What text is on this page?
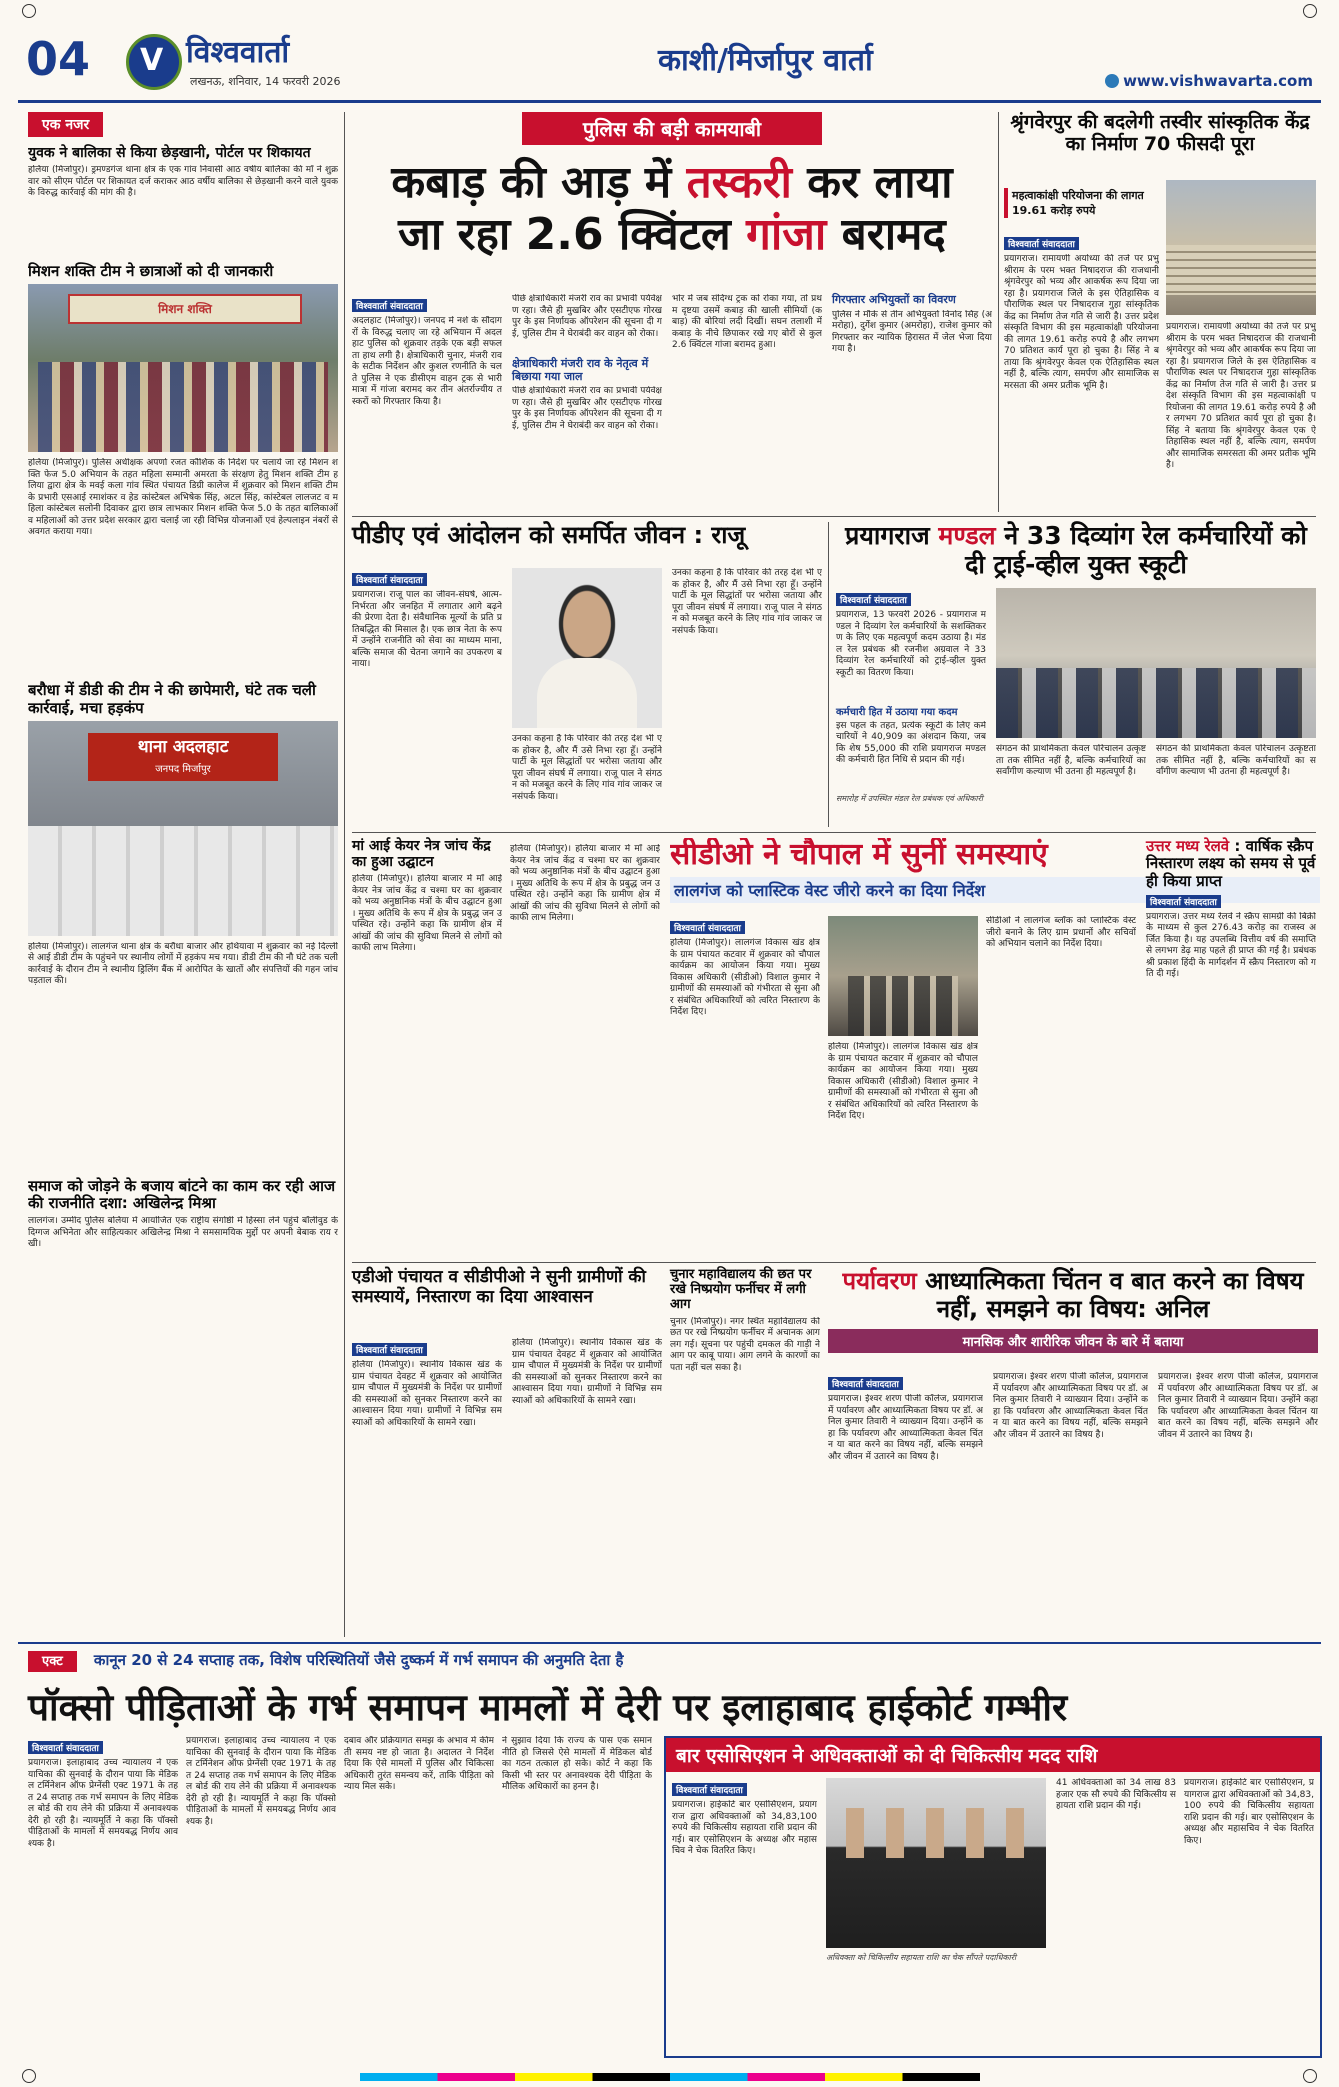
04 V विश्ववार्ता
लखनऊ, शनिवार, 14 फरवरी 2026
काशी/मिर्जापुर वार्ता
www.vishwavarta.com
एक नजर
युवक ने बालिका से किया छेड़खानी, पोर्टल पर शिकायत
हलिया (मिर्जापुर)। ड्रमण्डगंज थाना क्षेत्र के एक गांव निवासी आठ वर्षीय बालिका की माँ ने शुक्रवार को सीएम पोर्टल पर शिकायत दर्ज कराकर आठ वर्षीय बालिका से छेड़खानी करने वाले युवक के विरुद्ध कार्रवाई की मांग की है।
मिशन शक्ति टीम ने छात्राओं को दी जानकारी
मिशन शक्ति
हलिया (मिर्जापुर)। पुलिस अधीक्षक अपर्णा रजत कौशिक के निर्देश पर चलाये जा रहे मिशन शक्ति फेज 5.0 अभियान के तहत महिला सम्मानी अमरता के संरक्षण हेतु मिशन शक्ति टीम हलिया द्वारा क्षेत्र के मवई कला गांव स्थित पंचायत डिग्री कालेज में शुक्रवार को मिशन शक्ति टीम के प्रभारी एसआई रमाशंकर व हेड कांस्टेबल अभिषेक सिंह, अटल सिंह, कांस्टेबल लालजट व महिला कांस्टेबल सलोनी दिवाकर द्वारा छात्र लाभकार मिशन शक्ति फेज 5.0 के तहत बालिकाओं व महिलाओं को उत्तर प्रदेश सरकार द्वारा चलाई जा रही विभिन्न योजनाओं एवं हेल्पलाइन नंबरों से अवगत कराया गया।
बरौधा में डीडी की टीम ने की छापेमारी, घंटे तक चली कार्रवाई, मचा हड़कंप
थाना अदलहाट
जनपद मिर्जापुर
हलिया (मिर्जापुर)। लालगंज थाना क्षेत्र के बरौंधा बाजार और हथियावा में शुक्रवार को नई दिल्ली से आई डीडी टीम के पहुंचने पर स्थानीय लोगों में हड़कंप मच गया। डीडी टीम की नौ घंटे तक चली कार्रवाई के दौरान टीम ने स्थानीय ड्रिलिंग बैंक में आरोपित के खातों और संपत्तियों की गहन जांच पड़ताल की।
समाज को जोड़ने के बजाय बांटने का काम कर रही आज की राजनीति दशा: अखिलेन्द्र मिश्रा
लालगंज। उम्मीद पुलिस बलिया में आयोजित एक राष्ट्रीय संगोष्ठी में हिस्सा लेने पहुंचे बॉलीवुड के दिग्गज अभिनेता और साहित्यकार अखिलेन्द्र मिश्रा ने समसामयिक मुद्दों पर अपनी बेबाक राय रखी।
पुलिस की बड़ी कामयाबी
कबाड़ की आड़ में तस्करी कर लाया
जा रहा 2.6 क्विंटल गांजा बरामद
विश्ववार्ता संवाददाता
अदलहाट (मिर्जापुर)। जनपद में नशे के सौदागरों के विरुद्ध चलाए जा रहे अभियान में अदलहाट पुलिस को शुक्रवार तड़के एक बड़ी सफलता हाथ लगी है। क्षेत्राधिकारी चुनार, मंजरी राव के सटीक निर्देशन और कुशल रणनीति के चलते पुलिस ने एक डीसीएम वाहन ट्रक से भारी मात्रा में गांजा बरामद कर तीन अंतर्राज्यीय तस्करों को गिरफ्तार किया है।
पीछे क्षेत्राधिकारी मंजरी राव का प्रभावी पर्यवेक्षण रहा। जैसे ही मुखबिर और एसटीएफ गोरखपुर के इस निर्णायक ऑपरेशन की सूचना दी गई, पुलिस टीम ने घेराबंदी कर वाहन को रोका।
क्षेत्राधिकारी मंजरी राव के नेतृत्व में बिछाया गया जाल
पीछे क्षेत्राधिकारी मंजरी राव का प्रभावी पर्यवेक्षण रहा। जैसे ही मुखबिर और एसटीएफ गोरखपुर के इस निर्णायक ऑपरेशन की सूचना दी गई, पुलिस टीम ने घेराबंदी कर वाहन को रोका।
भोर में जब संदिग्ध ट्रक को रोका गया, तो प्रथम दृष्टया उसमें कबाड़ की खाली सीमियों (कबाड़) की बोरियां लदी दिखीं। सघन तलाशी में कबाड़ के नीचे छिपाकर रखे गए बोरों से कुल 2.6 क्विंटल गांजा बरामद हुआ।
गिरफ्तार अभियुक्तों का विवरण
पुलिस ने मौके से तीन अभियुक्तों विनोद सिंह (अमरोहा), दुर्गेश कुमार (अमरोहा), राजेश कुमार को गिरफ्तार कर न्यायिक हिरासत में जेल भेजा दिया गया है।
श्रृंगवेरपुर की बदलेगी तस्वीर सांस्कृतिक केंद्र का निर्माण 70 फीसदी पूरा
महत्वाकांक्षी परियोजना की लागत 19.61 करोड़ रुपये
विश्ववार्ता संवाददाता
प्रयागराज। रामायणी अयोध्या की तर्ज पर प्रभु श्रीराम के परम भक्त निषादराज की राजधानी श्रृंगवेरपुर को भव्य और आकर्षक रूप दिया जा रहा है। प्रयागराज जिले के इस ऐतिहासिक व पौराणिक स्थल पर निषादराज गुहा सांस्कृतिक केंद्र का निर्माण तेज गति से जारी है। उत्तर प्रदेश संस्कृति विभाग की इस महत्वाकांक्षी परियोजना की लागत 19.61 करोड़ रुपये है और लगभग 70 प्रतिशत कार्य पूरा हो चुका है। सिंह ने बताया कि श्रृंगवेरपुर केवल एक ऐतिहासिक स्थल नहीं है, बल्कि त्याग, समर्पण और सामाजिक समरसता की अमर प्रतीक भूमि है।
प्रयागराज। रामायणी अयोध्या की तर्ज पर प्रभु श्रीराम के परम भक्त निषादराज की राजधानी श्रृंगवेरपुर को भव्य और आकर्षक रूप दिया जा रहा है। प्रयागराज जिले के इस ऐतिहासिक व पौराणिक स्थल पर निषादराज गुहा सांस्कृतिक केंद्र का निर्माण तेज गति से जारी है। उत्तर प्रदेश संस्कृति विभाग की इस महत्वाकांक्षी परियोजना की लागत 19.61 करोड़ रुपये है और लगभग 70 प्रतिशत कार्य पूरा हो चुका है। सिंह ने बताया कि श्रृंगवेरपुर केवल एक ऐतिहासिक स्थल नहीं है, बल्कि त्याग, समर्पण और सामाजिक समरसता की अमर प्रतीक भूमि है।
पीडीए एवं आंदोलन को समर्पित जीवन : राजू
विश्ववार्ता संवाददाता
प्रयागराज। राजू पाल का जीवन-संघर्ष, आत्म-निर्भरता और जनहित में लगातार आगे बढ़ने की प्रेरणा देता है। संवैधानिक मूल्यों के प्रति प्रतिबद्धित की मिसाल है। एक छात्र नेता के रूप में उन्होंने राजनीति को सेवा का माध्यम माना, बल्कि समाज की चेतना जगाने का उपकरण बनाया।
उनका कहना है कि परिवार की तरह देश भी एक होकर है, और मैं उसे निभा रहा हूँ। उन्होंने पार्टी के मूल सिद्धांतों पर भरोसा जताया और पूरा जीवन संघर्ष में लगाया। राजू पाल ने संगठन को मजबूत करने के लिए गांव गांव जाकर जनसंपर्क किया।
उनका कहना है कि परिवार की तरह देश भी एक होकर है, और मैं उसे निभा रहा हूँ। उन्होंने पार्टी के मूल सिद्धांतों पर भरोसा जताया और पूरा जीवन संघर्ष में लगाया। राजू पाल ने संगठन को मजबूत करने के लिए गांव गांव जाकर जनसंपर्क किया।
प्रयागराज मण्डल ने 33 दिव्यांग रेल कर्मचारियों को दी ट्राई-व्हील युक्त स्कूटी
विश्ववार्ता संवाददाता
प्रयागराज, 13 फरवरी 2026 - प्रयागराज मण्डल ने दिव्यांग रेल कर्मचारियों के सशक्तिकरण के लिए एक महत्वपूर्ण कदम उठाया है। मंडल रेल प्रबंधक श्री रजनीश अग्रवाल ने 33 दिव्यांग रेल कर्मचारियों को ट्राई-व्हील युक्त स्कूटी का वितरण किया।
कर्मचारी हित में उठाया गया कदम
इस पहल के तहत, प्रत्येक स्कूटी के लिए कर्मचारियों ने 40,909 का अंशदान किया, जबकि शेष 55,000 की राशि प्रयागराज मण्डल की कर्मचारी हित निधि से प्रदान की गई।
समारोह में उपस्थित मंडल रेल प्रबंधक एवं अधिकारी
संगठन की प्राथमिकता केवल परिचालन उत्कृष्टता तक सीमित नहीं है, बल्कि कर्मचारियों का सर्वांगीण कल्याण भी उतना ही महत्वपूर्ण है।
संगठन की प्राथमिकता केवल परिचालन उत्कृष्टता तक सीमित नहीं है, बल्कि कर्मचारियों का सर्वांगीण कल्याण भी उतना ही महत्वपूर्ण है।
मां आई केयर नेत्र जांच केंद्र का हुआ उद्घाटन
हलिया (मिर्जापुर)। हलिया बाजार में माँ आई केयर नेत्र जांच केंद्र व चश्मा घर का शुक्रवार को भव्य अनुष्ठानिक मंत्रों के बीच उद्घाटन हुआ। मुख्य अतिथि के रूप में क्षेत्र के प्रबुद्ध जन उपस्थित रहे। उन्होंने कहा कि ग्रामीण क्षेत्र में आंखों की जांच की सुविधा मिलने से लोगों को काफी लाभ मिलेगा।
हलिया (मिर्जापुर)। हलिया बाजार में माँ आई केयर नेत्र जांच केंद्र व चश्मा घर का शुक्रवार को भव्य अनुष्ठानिक मंत्रों के बीच उद्घाटन हुआ। मुख्य अतिथि के रूप में क्षेत्र के प्रबुद्ध जन उपस्थित रहे। उन्होंने कहा कि ग्रामीण क्षेत्र में आंखों की जांच की सुविधा मिलने से लोगों को काफी लाभ मिलेगा।
सीडीओ ने चौपाल में सुनीं समस्याएं
लालगंज को प्लास्टिक वेस्ट जीरो करने का दिया निर्देश
विश्ववार्ता संवाददाता
हलिया (मिर्जापुर)। लालगंज विकास खंड क्षेत्र के ग्राम पंचायत कटवार में शुक्रवार को चौपाल कार्यक्रम का आयोजन किया गया। मुख्य विकास अधिकारी (सीडीओ) विशाल कुमार ने ग्रामीणों की समस्याओं को गंभीरता से सुना और संबंधित अधिकारियों को त्वरित निस्तारण के निर्देश दिए।
हलिया (मिर्जापुर)। लालगंज विकास खंड क्षेत्र के ग्राम पंचायत कटवार में शुक्रवार को चौपाल कार्यक्रम का आयोजन किया गया। मुख्य विकास अधिकारी (सीडीओ) विशाल कुमार ने ग्रामीणों की समस्याओं को गंभीरता से सुना और संबंधित अधिकारियों को त्वरित निस्तारण के निर्देश दिए।
सीडीओ ने लालगंज ब्लॉक को प्लास्टिक वेस्ट जीरो बनाने के लिए ग्राम प्रधानों और सचिवों को अभियान चलाने का निर्देश दिया।
उत्तर मध्य रेलवे : वार्षिक स्क्रैप निस्तारण लक्ष्य को समय से पूर्व ही किया प्राप्त
विश्ववार्ता संवाददाता
प्रयागराज। उत्तर मध्य रेलवे ने स्क्रैप सामग्री की बिक्री के माध्यम से कुल 276.43 करोड़ का राजस्व अर्जित किया है। यह उपलब्धि वित्तीय वर्ष की समाप्ति से लगभग डेढ़ माह पहले ही प्राप्त की गई है। प्रबंधक श्री प्रकाश हिंदी के मार्गदर्शन में स्क्रैप निस्तारण को गति दी गई।
एडीओ पंचायत व सीडीपीओ ने सुनी ग्रामीणों की समस्यायें, निस्तारण का दिया आश्वासन
विश्ववार्ता संवाददाता
हलिया (मिर्जापुर)। स्थानीय विकास खंड के ग्राम पंचायत देवहट में शुक्रवार को आयोजित ग्राम चौपाल में मुख्यमंत्री के निर्देश पर ग्रामीणों की समस्याओं को सुनकर निस्तारण करने का आश्वासन दिया गया। ग्रामीणों ने विभिन्न समस्याओं को अधिकारियों के सामने रखा।
हलिया (मिर्जापुर)। स्थानीय विकास खंड के ग्राम पंचायत देवहट में शुक्रवार को आयोजित ग्राम चौपाल में मुख्यमंत्री के निर्देश पर ग्रामीणों की समस्याओं को सुनकर निस्तारण करने का आश्वासन दिया गया। ग्रामीणों ने विभिन्न समस्याओं को अधिकारियों के सामने रखा।
चुनार महाविद्यालय की छत पर रखे निष्प्रयोग फर्नीचर में लगी आग
चुनार (मिर्जापुर)। नगर स्थित महाविद्यालय की छत पर रखे निष्प्रयोग फर्नीचर में अचानक आग लग गई। सूचना पर पहुंची दमकल की गाड़ी ने आग पर काबू पाया। आग लगने के कारणों का पता नहीं चल सका है।
पर्यावरण आध्यात्मिकता चिंतन व बात करने का विषय नहीं, समझने का विषय: अनिल
मानसिक और शारीरिक जीवन के बारे में बताया
विश्ववार्ता संवाददाता
प्रयागराज। ईश्वर शरण पीजी कॉलेज, प्रयागराज में पर्यावरण और आध्यात्मिकता विषय पर डॉ. अनिल कुमार तिवारी ने व्याख्यान दिया। उन्होंने कहा कि पर्यावरण और आध्यात्मिकता केवल चिंतन या बात करने का विषय नहीं, बल्कि समझने और जीवन में उतारने का विषय है।
प्रयागराज। ईश्वर शरण पीजी कॉलेज, प्रयागराज में पर्यावरण और आध्यात्मिकता विषय पर डॉ. अनिल कुमार तिवारी ने व्याख्यान दिया। उन्होंने कहा कि पर्यावरण और आध्यात्मिकता केवल चिंतन या बात करने का विषय नहीं, बल्कि समझने और जीवन में उतारने का विषय है।
प्रयागराज। ईश्वर शरण पीजी कॉलेज, प्रयागराज में पर्यावरण और आध्यात्मिकता विषय पर डॉ. अनिल कुमार तिवारी ने व्याख्यान दिया। उन्होंने कहा कि पर्यावरण और आध्यात्मिकता केवल चिंतन या बात करने का विषय नहीं, बल्कि समझने और जीवन में उतारने का विषय है।
एक्ट कानून 20 से 24 सप्ताह तक, विशेष परिस्थितियों जैसे दुष्कर्म में गर्भ समापन की अनुमति देता है
पॉक्सो पीड़िताओं के गर्भ समापन मामलों में देरी पर इलाहाबाद हाईकोर्ट गम्भीर
विश्ववार्ता संवाददाता
प्रयागराज। इलाहाबाद उच्च न्यायालय ने एक याचिका की सुनवाई के दौरान पाया कि मेडिकल टर्मिनेशन ऑफ प्रेग्नेंसी एक्ट 1971 के तहत 24 सप्ताह तक गर्भ समापन के लिए मेडिकल बोर्ड की राय लेने की प्रक्रिया में अनावश्यक देरी हो रही है। न्यायमूर्ति ने कहा कि पॉक्सो पीड़िताओं के मामलों में समयबद्ध निर्णय आवश्यक है।
प्रयागराज। इलाहाबाद उच्च न्यायालय ने एक याचिका की सुनवाई के दौरान पाया कि मेडिकल टर्मिनेशन ऑफ प्रेग्नेंसी एक्ट 1971 के तहत 24 सप्ताह तक गर्भ समापन के लिए मेडिकल बोर्ड की राय लेने की प्रक्रिया में अनावश्यक देरी हो रही है। न्यायमूर्ति ने कहा कि पॉक्सो पीड़िताओं के मामलों में समयबद्ध निर्णय आवश्यक है।
दबाव और प्रक्रियागत समझ के अभाव में कीमती समय नष्ट हो जाता है। अदालत ने निर्देश दिया कि ऐसे मामलों में पुलिस और चिकित्सा अधिकारी तुरंत समन्वय करें, ताकि पीड़िता को न्याय मिल सके।
ने सुझाव दिया कि राज्य के पास एक समान नीति हो जिससे ऐसे मामलों में मेडिकल बोर्ड का गठन तत्काल हो सके। कोर्ट ने कहा कि किसी भी स्तर पर अनावश्यक देरी पीड़िता के मौलिक अधिकारों का हनन है।
बार एसोसिएशन ने अधिवक्ताओं को दी चिकित्सीय मदद राशि
विश्ववार्ता संवाददाता
प्रयागराज। हाईकोर्ट बार एसोसिएशन, प्रयागराज द्वारा अधिवक्ताओं को 34,83,100 रुपये की चिकित्सीय सहायता राशि प्रदान की गई। बार एसोसिएशन के अध्यक्ष और महासचिव ने चेक वितरित किए।
अधिवक्ता को चिकित्सीय सहायता राशि का चेक सौंपते पदाधिकारी
41 अधिवक्ताओं को 34 लाख 83 हजार एक सौ रुपये की चिकित्सीय सहायता राशि प्रदान की गई।
प्रयागराज। हाईकोर्ट बार एसोसिएशन, प्रयागराज द्वारा अधिवक्ताओं को 34,83,100 रुपये की चिकित्सीय सहायता राशि प्रदान की गई। बार एसोसिएशन के अध्यक्ष और महासचिव ने चेक वितरित किए।
